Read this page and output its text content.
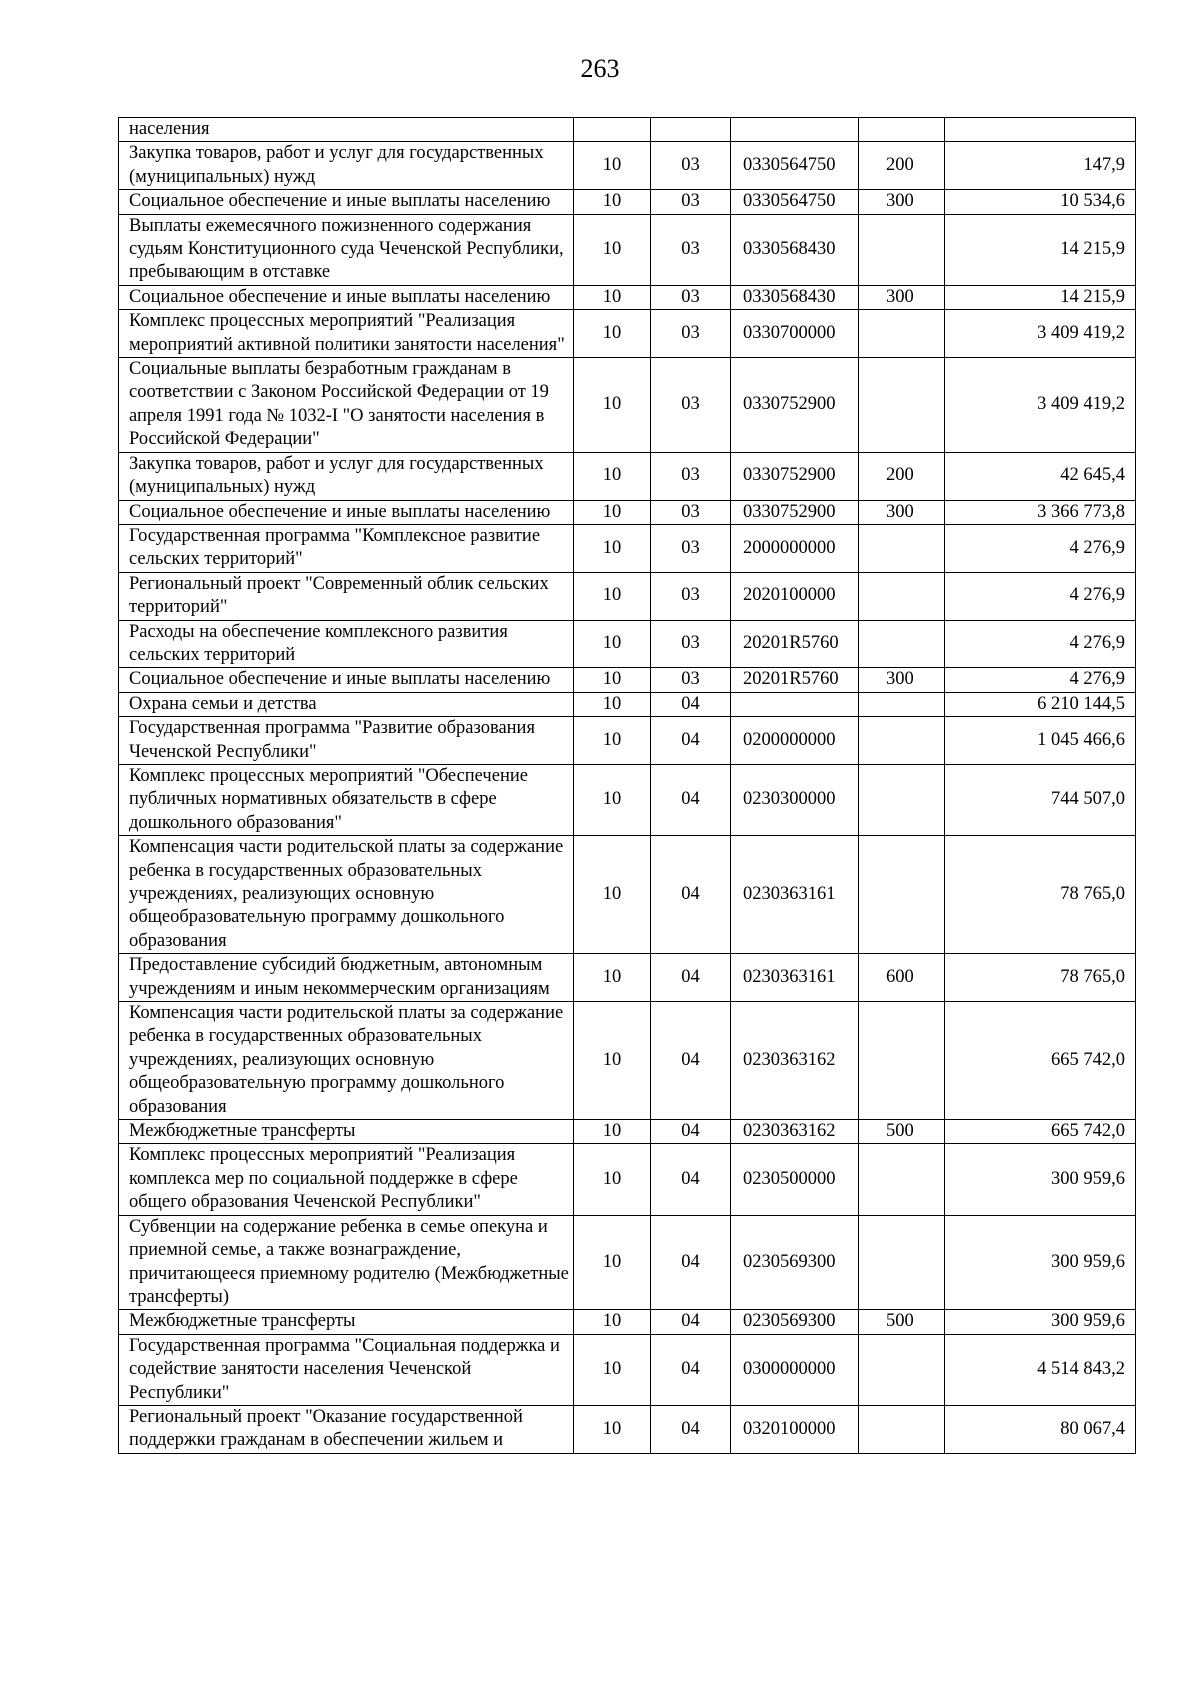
263
населения					
Закупка товаров, работ и услуг для государственных (муниципальных) нужд	10	03	0330564750	200	147,9
Социальное обеспечение и иные выплаты населению	10	03	0330564750	300	10 534,6
Выплаты ежемесячного пожизненного содержания судьям Конституционного суда Чеченской Республики, пребывающим в отставке	10	03	0330568430		14 215,9
Социальное обеспечение и иные выплаты населению	10	03	0330568430	300	14 215,9
Комплекс процессных мероприятий "Реализация мероприятий активной политики занятости населения"	10	03	0330700000		3 409 419,2
Социальные выплаты безработным гражданам в соответствии с Законом Российской Федерации от 19 апреля 1991 года № 1032-I "О занятости населения в Российской Федерации"	10	03	0330752900		3 409 419,2
Закупка товаров, работ и услуг для государственных (муниципальных) нужд	10	03	0330752900	200	42 645,4
Социальное обеспечение и иные выплаты населению	10	03	0330752900	300	3 366 773,8
Государственная программа "Комплексное развитие сельских территорий"	10	03	2000000000		4 276,9
Региональный проект "Современный облик сельских территорий"	10	03	2020100000		4 276,9
Расходы на обеспечение комплексного развития сельских территорий	10	03	20201R5760		4 276,9
Социальное обеспечение и иные выплаты населению	10	03	20201R5760	300	4 276,9
Охрана семьи и детства	10	04			6 210 144,5
Государственная программа "Развитие образования Чеченской Республики"	10	04	0200000000		1 045 466,6
Комплекс процессных мероприятий "Обеспечение публичных нормативных обязательств в сфере дошкольного образования"	10	04	0230300000		744 507,0
Компенсация части родительской платы за содержание ребенка в государственных образовательных учреждениях, реализующих основную общеобразовательную программу дошкольного образования	10	04	0230363161		78 765,0
Предоставление субсидий бюджетным, автономным учреждениям и иным некоммерческим организациям	10	04	0230363161	600	78 765,0
Компенсация части родительской платы за содержание ребенка в государственных образовательных учреждениях, реализующих основную общеобразовательную программу дошкольного образования	10	04	0230363162		665 742,0
Межбюджетные трансферты	10	04	0230363162	500	665 742,0
Комплекс процессных мероприятий "Реализация комплекса мер по социальной поддержке в сфере общего образования Чеченской Республики"	10	04	0230500000		300 959,6
Субвенции на содержание ребенка в семье опекуна и приемной семье, а также вознаграждение, причитающееся приемному родителю (Межбюджетные трансферты)	10	04	0230569300		300 959,6
Межбюджетные трансферты	10	04	0230569300	500	300 959,6
Государственная программа "Социальная поддержка и содействие занятости населения Чеченской Республики"	10	04	0300000000		4 514 843,2
Региональный проект "Оказание государственной поддержки гражданам в обеспечении жильем и	10	04	0320100000		80 067,4
